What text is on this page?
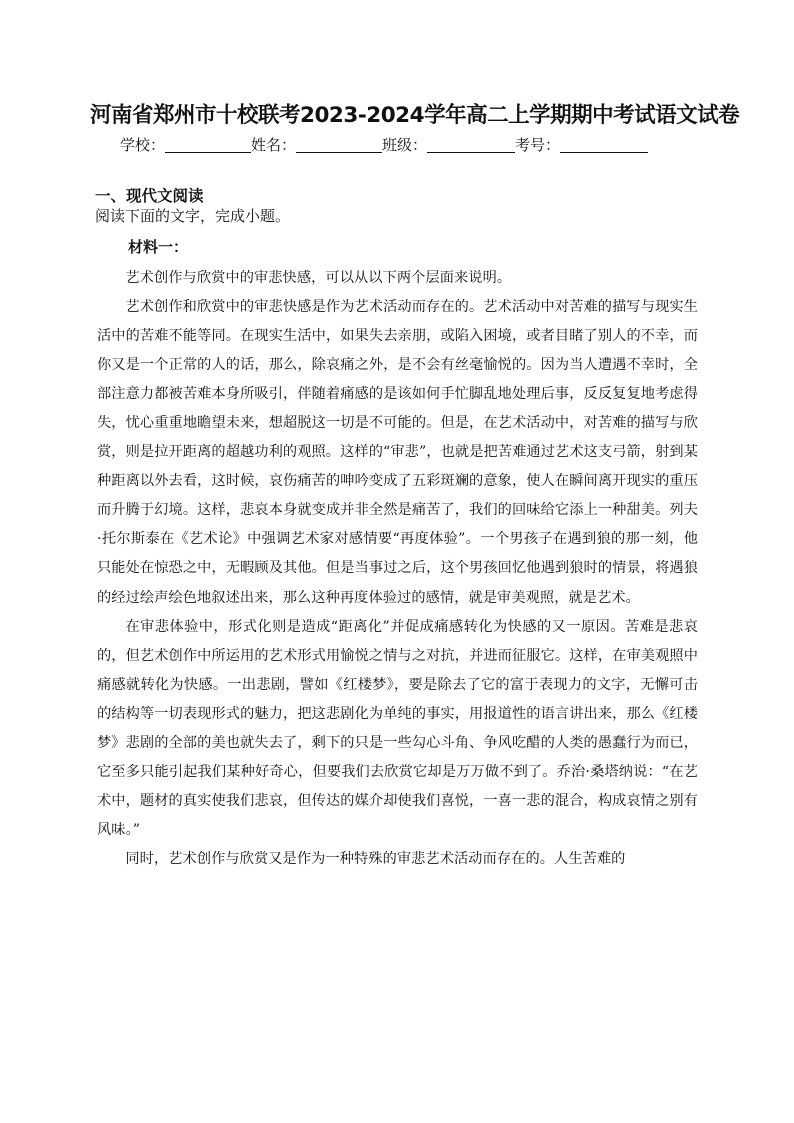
河南省郑州市十校联考2023-2024学年高二上学期期中考试语文试卷
学校：	姓名：	班级：	考号：
一、现代文阅读
阅读下面的文字，完成小题。
材料一：

艺术创作与欣赏中的审悲快感，可以从以下两个层面来说明。

艺术创作和欣赏中的审悲快感是作为艺术活动而存在的。艺术活动中对苦难的描写与现实生活中的苦难不能等同。在现实生活中，如果失去亲朋，或陷入困境，或者目睹了别人的不幸，而你又是一个正常的人的话，那么，除哀痛之外，是不会有丝毫愉悦的。因为当人遭遇不幸时，全部注意力都被苦难本身所吸引，伴随着痛感的是该如何手忙脚乱地处理后事，反反复复地考虑得失，忧心重重地瞻望未来，想超脱这一切是不可能的。但是，在艺术活动中，对苦难的描写与欣赏，则是拉开距离的超越功利的观照。这样的“审悲”，也就是把苦难通过艺术这支弓箭，射到某种距离以外去看，这时候，哀伤痛苦的呻吟变成了五彩斑斓的意象，使人在瞬间离开现实的重压而升腾于幻境。这样，悲哀本身就变成并非全然是痛苦了，我们的回味给它添上一种甜美。列夫·托尔斯泰在《艺术论》中强调艺术家对感情要“再度体验”。一个男孩子在遇到狼的那一刻，他只能处在惊恐之中，无暇顾及其他。但是当事过之后，这个男孩回忆他遇到狼时的情景，将遇狼的经过绘声绘色地叙述出来，那么这种再度体验过的感情，就是审美观照，就是艺术。

在审悲体验中，形式化则是造成“距离化”并促成痛感转化为快感的又一原因。苦难是悲哀的，但艺术创作中所运用的艺术形式用愉悦之情与之对抗，并进而征服它。这样，在审美观照中痛感就转化为快感。一出悲剧，譬如《红楼梦》，要是除去了它的富于表现力的文字，无懈可击的结构等一切表现形式的魅力，把这悲剧化为单纯的事实，用报道性的语言讲出来，那么《红楼梦》悲剧的全部的美也就失去了，剩下的只是一些勾心斗角、争风吃醋的人类的愚蠢行为而已，它至多只能引起我们某种好奇心，但要我们去欣赏它却是万万做不到了。乔治·桑塔纳说：“在艺术中，题材的真实使我们悲哀，但传达的媒介却使我们喜悦，一喜一悲的混合，构成哀情之别有风味。”

同时，艺术创作与欣赏又是作为一种特殊的审悲艺术活动而存在的。人生苦难的
